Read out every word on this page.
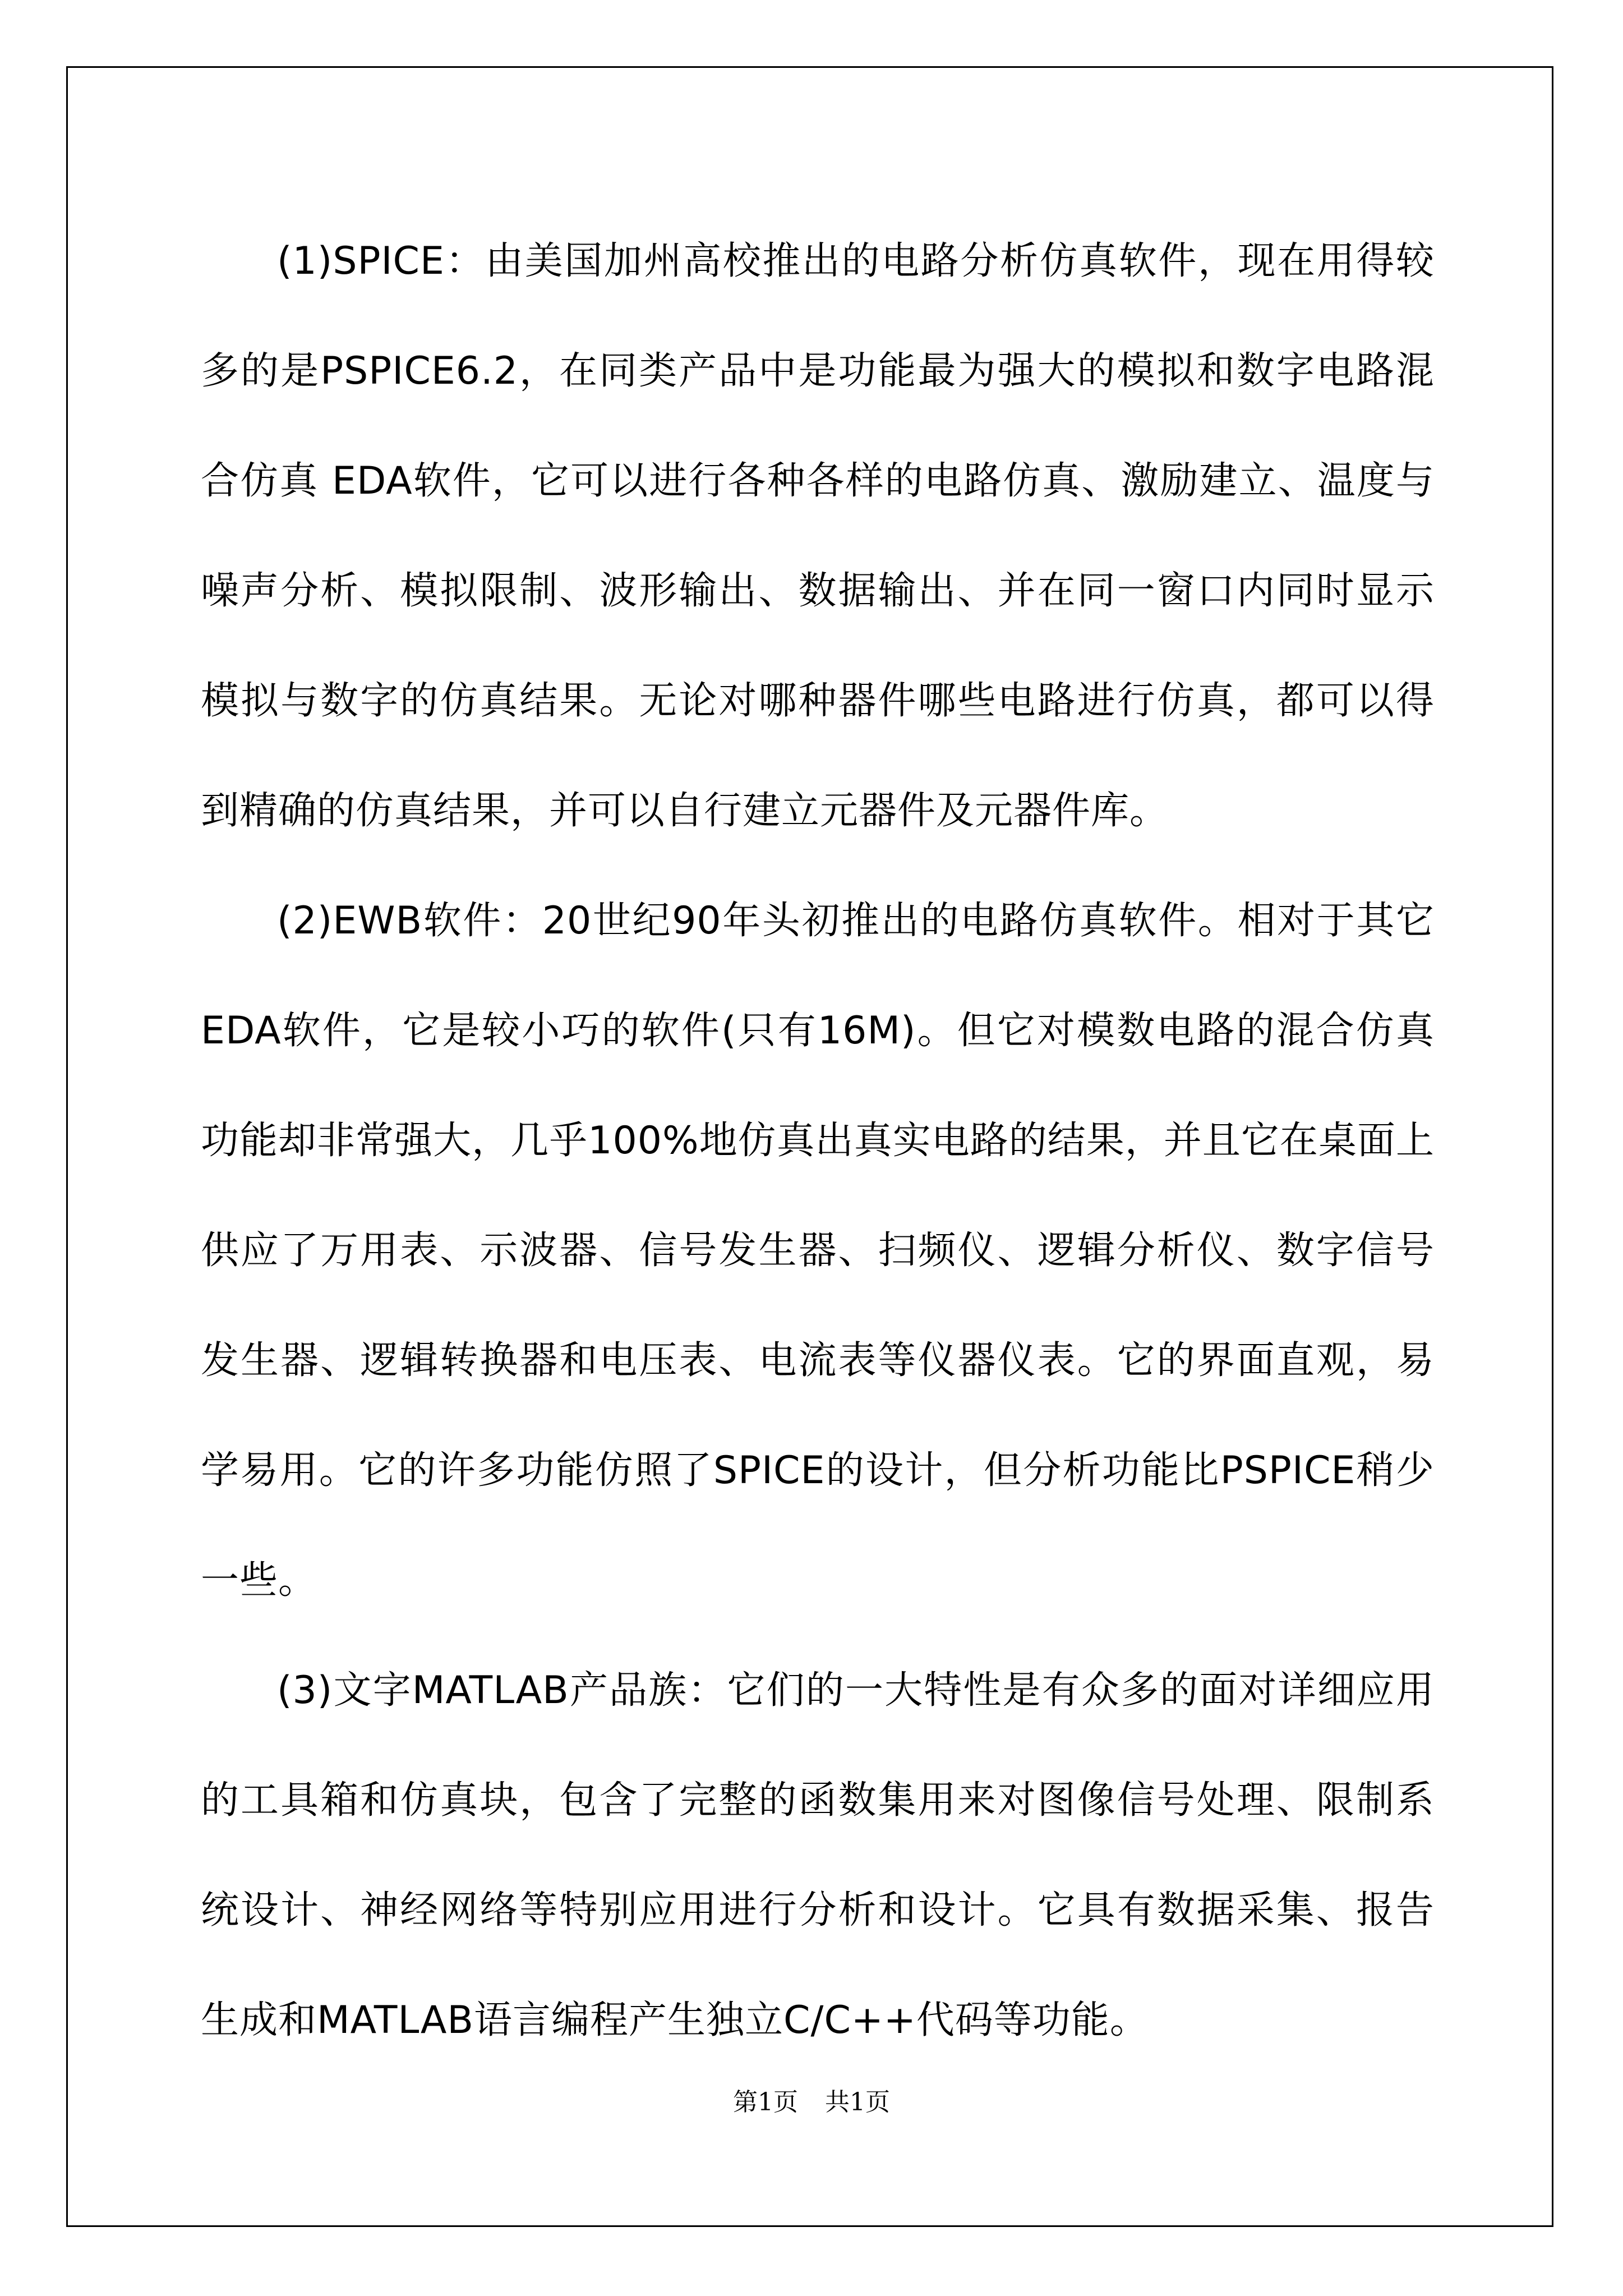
(1)SPICE：由美国加州高校推出的电路分析仿真软件，现在用得较多的是PSPICE6.2，在同类产品中是功能最为强大的模拟和数字电路混合仿真 EDA软件，它可以进行各种各样的电路仿真、激励建立、温度与噪声分析、模拟限制、波形输出、数据输出、并在同一窗口内同时显示模拟与数字的仿真结果。无论对哪种器件哪些电路进行仿真，都可以得到精确的仿真结果，并可以自行建立元器件及元器件库。

(2)EWB软件：20世纪90年头初推出的电路仿真软件。相对于其它EDA软件，它是较小巧的软件(只有16M)。但它对模数电路的混合仿真功能却非常强大，几乎100%地仿真出真实电路的结果，并且它在桌面上供应了万用表、示波器、信号发生器、扫频仪、逻辑分析仪、数字信号发生器、逻辑转换器和电压表、电流表等仪器仪表。它的界面直观，易学易用。它的许多功能仿照了SPICE的设计，但分析功能比PSPICE稍少一些。

(3)文字MATLAB产品族：它们的一大特性是有众多的面对详细应用的工具箱和仿真块，包含了完整的函数集用来对图像信号处理、限制系统设计、神经网络等特别应用进行分析和设计。它具有数据采集、报告生成和MATLAB语言编程产生独立C/C++代码等功能。

第1页 共1页
